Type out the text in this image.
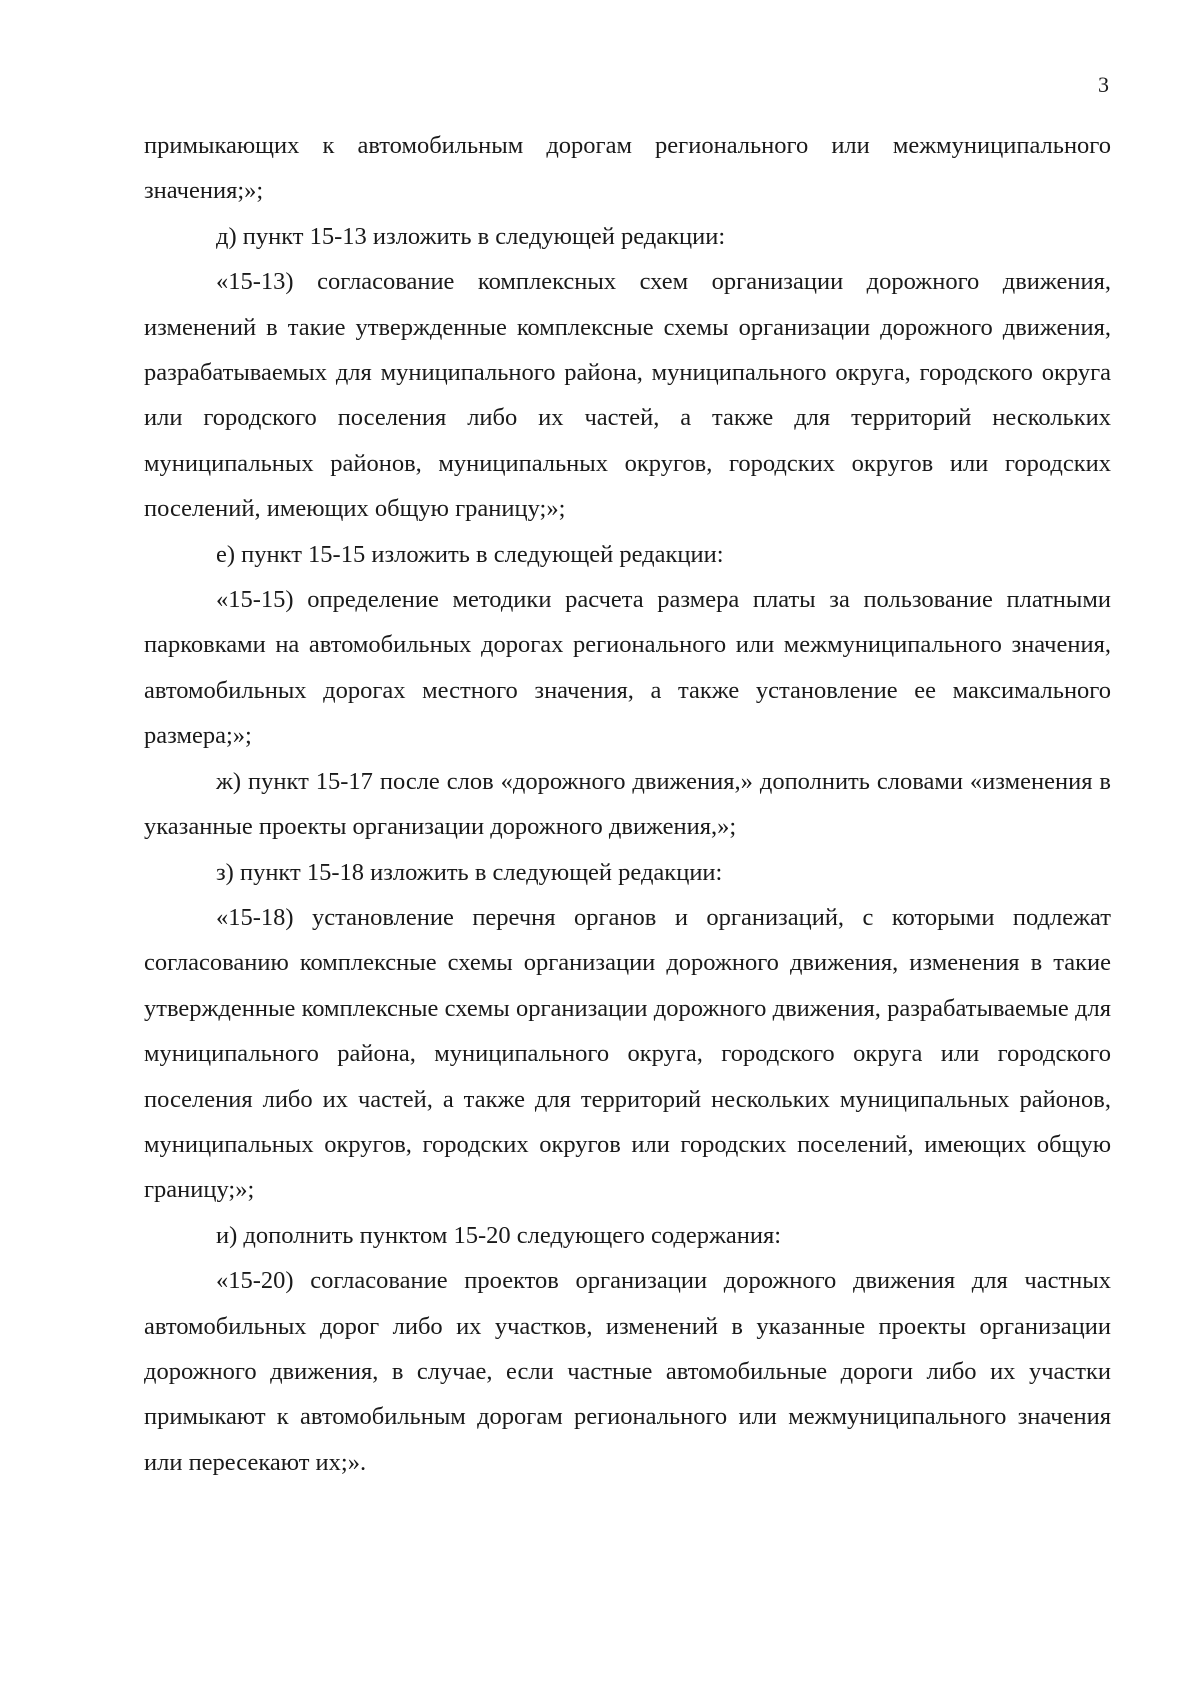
3

примыкающих к автомобильным дорогам регионального или межмуниципального значения;»;

д) пункт 15-13 изложить в следующей редакции:

«15-13) согласование комплексных схем организации дорожного движения, изменений в такие утвержденные комплексные схемы организации дорожного движения, разрабатываемых для муниципального района, муниципального округа, городского округа или городского поселения либо их частей, а также для территорий нескольких муниципальных районов, муниципальных округов, городских округов или городских поселений, имеющих общую границу;»;

е) пункт 15-15 изложить в следующей редакции:

«15-15) определение методики расчета размера платы за пользование платными парковками на автомобильных дорогах регионального или межмуниципального значения, автомобильных дорогах местного значения, а также установление ее максимального размера;»;

ж) пункт 15-17 после слов «дорожного движения,» дополнить словами «изменения в указанные проекты организации дорожного движения,»;

з) пункт 15-18 изложить в следующей редакции:

«15-18) установление перечня органов и организаций, с которыми подлежат согласованию комплексные схемы организации дорожного движения, изменения в такие утвержденные комплексные схемы организации дорожного движения, разрабатываемые для муниципального района, муниципального округа, городского округа или городского поселения либо их частей, а также для территорий нескольких муниципальных районов, муниципальных округов, городских округов или городских поселений, имеющих общую границу;»;

и) дополнить пунктом 15-20 следующего содержания:

«15-20) согласование проектов организации дорожного движения для частных автомобильных дорог либо их участков, изменений в указанные проекты организации дорожного движения, в случае, если частные автомобильные дороги либо их участки примыкают к автомобильным дорогам регионального или межмуниципального значения или пересекают их;».
